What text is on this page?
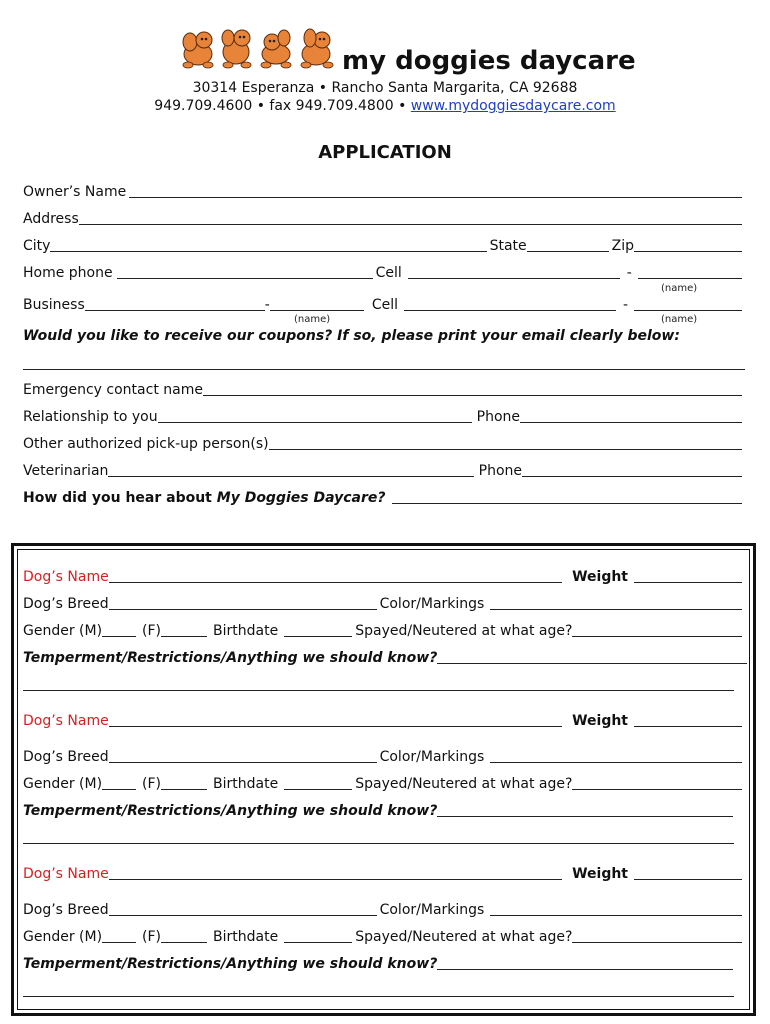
my doggies daycare
30314 Esperanza • Rancho Santa Margarita, CA 92688
949.709.4600 • fax 949.709.4800 • www.mydoggiesdaycare.com
APPLICATION
Owner’s Name
Address
City	State	Zip
Home phone	Cell	-
(name)
Business	-	Cell	-
(name)	(name)
Would you like to receive our coupons? If so, please print your email clearly below:
Emergency contact name
Relationship to you	Phone
Other authorized pick-up person(s)
Veterinarian	Phone
How did you hear about My Doggies Daycare?
Dog’s Name	Weight
Dog’s Breed	Color/Markings
Gender (M)	(F)	Birthdate	Spayed/Neutered at what age?
Temperment/Restrictions/Anything we should know?
Dog’s Name	Weight
Dog’s Breed	Color/Markings
Gender (M)	(F)	Birthdate	Spayed/Neutered at what age?
Temperment/Restrictions/Anything we should know?
Dog’s Name	Weight
Dog’s Breed	Color/Markings
Gender (M)	(F)	Birthdate	Spayed/Neutered at what age?
Temperment/Restrictions/Anything we should know?
